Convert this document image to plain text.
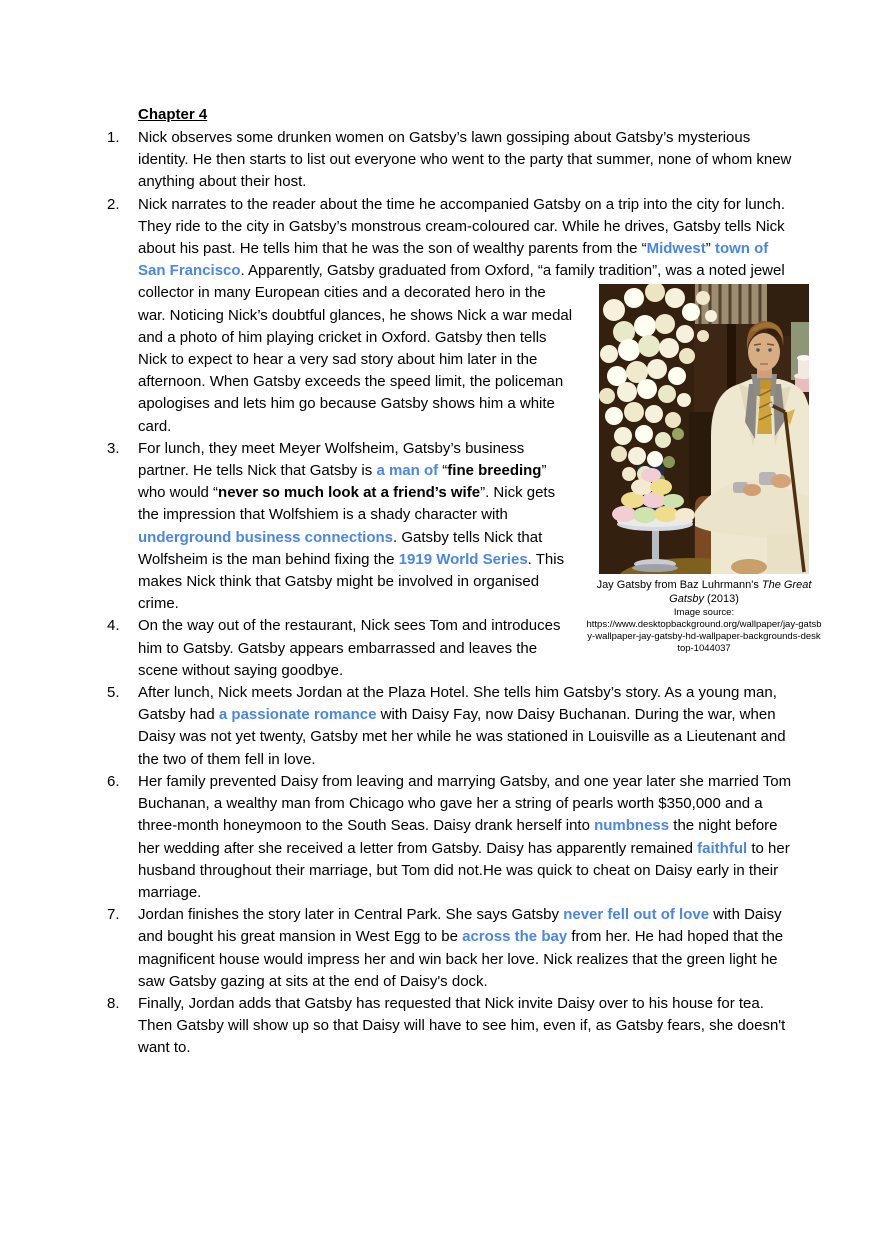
Chapter 4
1. Nick observes some drunken women on Gatsby’s lawn gossiping about Gatsby’s mysterious identity. He then starts to list out everyone who went to the party that summer, none of whom knew anything about their host.
2. Nick narrates to the reader about the time he accompanied Gatsby on a trip into the city for lunch. They ride to the city in Gatsby’s monstrous cream-coloured car. While he drives, Gatsby tells Nick about his past. He tells him that he was the son of wealthy parents from the “Midwest” town of San Francisco. Apparently, Gatsby graduated from Oxford, “a family tradition”, was a noted jewel collector in many European cities and a decorated hero
Jay Gatsby from Baz Luhrmann's The Great Gatsby (2013)
Image source:
https://www.desktopbackground.org/wallpaper/jay-gatsby-wallpaper-jay-gatsby-hd-wallpaper-backgrounds-desktop-1044037
in the war. Noticing Nick’s doubtful glances, he shows Nick a war medal and a photo of him playing cricket in Oxford. Gatsby then tells Nick to expect to hear a very sad story about him later in the afternoon. When Gatsby exceeds the speed limit, the policeman apologises and lets him go because Gatsby shows him a white card.
3. For lunch, they meet Meyer Wolfsheim, Gatsby’s business partner. He tells Nick that Gatsby is a man of “fine breeding” who would “never so much look at a friend’s wife”. Nick gets the impression that Wolfshiem is a shady character with underground business connections. Gatsby tells Nick that Wolfsheim is the man behind fixing the 1919 World Series. This makes Nick think that Gatsby might be involved in organised crime.
4. On the way out of the restaurant, Nick sees Tom and introduces him to Gatsby. Gatsby appears embarrassed and leaves the scene without saying goodbye.
5. After lunch, Nick meets Jordan at the Plaza Hotel. She tells him Gatsby’s story. As a young man, Gatsby had a passionate romance with Daisy Fay, now Daisy Buchanan. During the war, when Daisy was not yet twenty, Gatsby met her while he was stationed in Louisville as a Lieutenant and the two of them fell in love.
6. Her family prevented Daisy from leaving and marrying Gatsby, and one year later she married Tom Buchanan, a wealthy man from Chicago who gave her a string of pearls worth $350,000 and a three-month honeymoon to the South Seas. Daisy drank herself into numbness the night before her wedding after she received a letter from Gatsby. Daisy has apparently remained faithful to her husband throughout their marriage, but Tom did not.He was quick to cheat on Daisy early in their marriage.
7. Jordan finishes the story later in Central Park. She says Gatsby never fell out of love with Daisy and bought his great mansion in West Egg to be across the bay from her. He had hoped that the magnificent house would impress her and win back her love. Nick realizes that the green light he saw Gatsby gazing at sits at the end of Daisy's dock.
8. Finally, Jordan adds that Gatsby has requested that Nick invite Daisy over to his house for tea. Then Gatsby will show up so that Daisy will have to see him, even if, as Gatsby fears, she doesn't want to.
